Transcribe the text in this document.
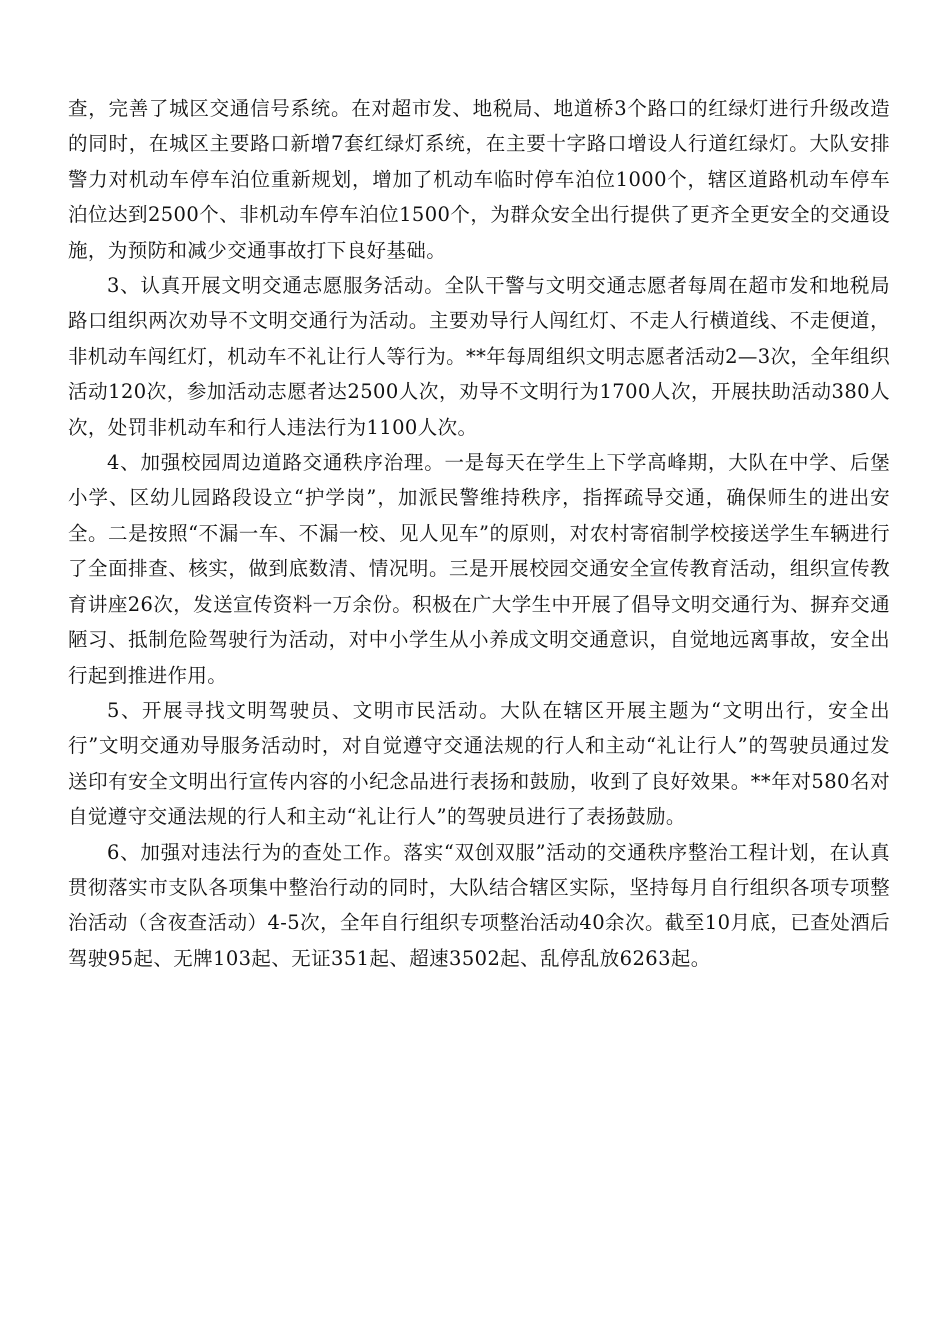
查，完善了城区交通信号系统。在对超市发、地税局、地道桥3个路口的红绿灯进行升级改造的同时，在城区主要路口新增7套红绿灯系统，在主要十字路口增设人行道红绿灯。大队安排警力对机动车停车泊位重新规划，增加了机动车临时停车泊位1000个，辖区道路机动车停车泊位达到2500个、非机动车停车泊位1500个，为群众安全出行提供了更齐全更安全的交通设施，为预防和减少交通事故打下良好基础。

3、认真开展文明交通志愿服务活动。全队干警与文明交通志愿者每周在超市发和地税局路口组织两次劝导不文明交通行为活动。主要劝导行人闯红灯、不走人行横道线、不走便道，非机动车闯红灯，机动车不礼让行人等行为。**年每周组织文明志愿者活动2—3次，全年组织活动120次，参加活动志愿者达2500人次，劝导不文明行为1700人次，开展扶助活动380人次，处罚非机动车和行人违法行为1100人次。

4、加强校园周边道路交通秩序治理。一是每天在学生上下学高峰期，大队在中学、后堡小学、区幼儿园路段设立“护学岗”，加派民警维持秩序，指挥疏导交通，确保师生的进出安全。二是按照“不漏一车、不漏一校、见人见车”的原则，对农村寄宿制学校接送学生车辆进行了全面排查、核实，做到底数清、情况明。三是开展校园交通安全宣传教育活动，组织宣传教育讲座26次，发送宣传资料一万余份。积极在广大学生中开展了倡导文明交通行为、摒弃交通陋习、抵制危险驾驶行为活动，对中小学生从小养成文明交通意识，自觉地远离事故，安全出行起到推进作用。

5、开展寻找文明驾驶员、文明市民活动。大队在辖区开展主题为“文明出行，安全出行”文明交通劝导服务活动时，对自觉遵守交通法规的行人和主动“礼让行人”的驾驶员通过发送印有安全文明出行宣传内容的小纪念品进行表扬和鼓励，收到了良好效果。**年对580名对自觉遵守交通法规的行人和主动“礼让行人”的驾驶员进行了表扬鼓励。

6、加强对违法行为的查处工作。落实“双创双服”活动的交通秩序整治工程计划，在认真贯彻落实市支队各项集中整治行动的同时，大队结合辖区实际，坚持每月自行组织各项专项整治活动（含夜查活动）4-5次，全年自行组织专项整治活动40余次。截至10月底，已查处酒后驾驶95起、无牌103起、无证351起、超速3502起、乱停乱放6263起。
